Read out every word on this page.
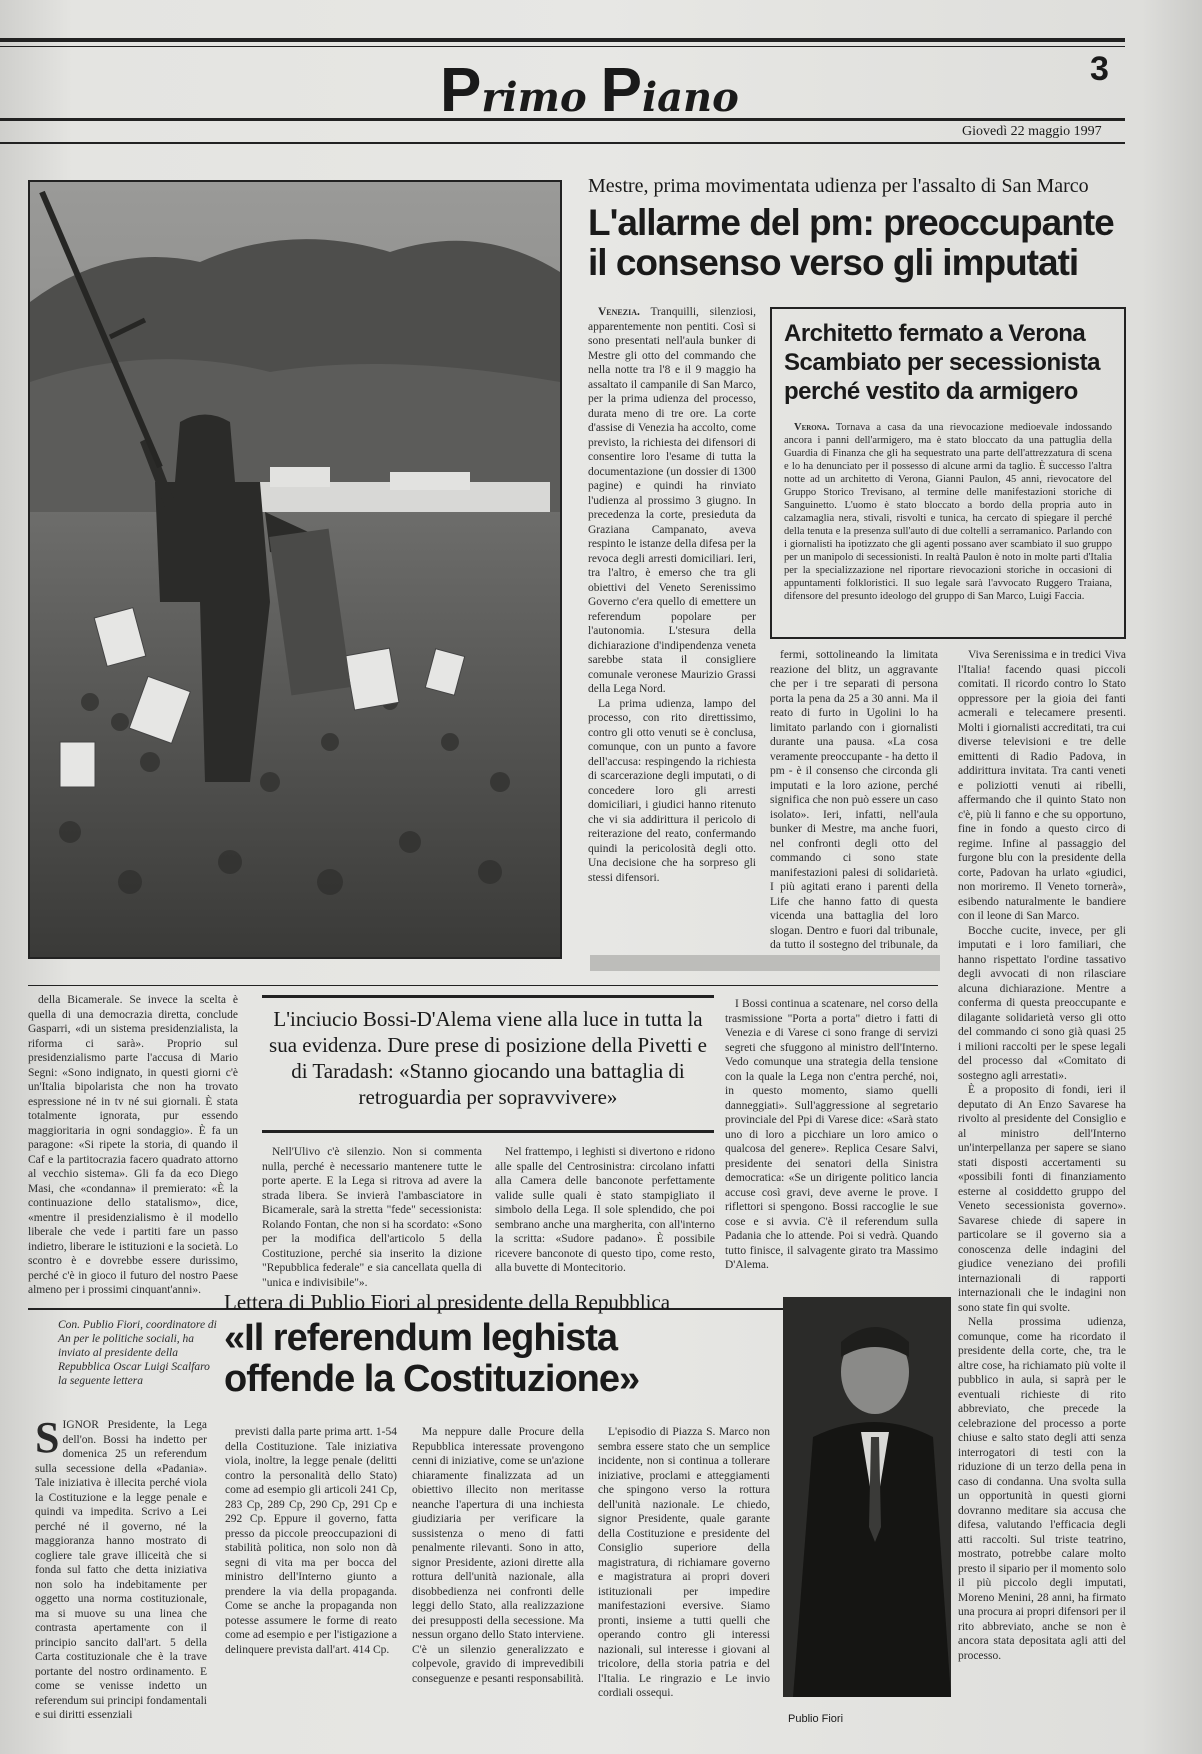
Primo Piano
3
Giovedì 22 maggio 1997
Mestre, prima movimentata udienza per l'assalto di San Marco
L'allarme del pm: preoccupante il consenso verso gli imputati

Venezia. Tranquilli, silenziosi, apparentemente non pentiti. Così si sono presentati nell'aula bunker di Mestre gli otto del commando che nella notte tra l'8 e il 9 maggio ha assaltato il campanile di San Marco, per la prima udienza del processo, durata meno di tre ore. La corte d'assise di Venezia ha accolto, come previsto, la richiesta dei difensori di consentire loro l'esame di tutta la documentazione (un dossier di 1300 pagine) e quindi ha rinviato l'udienza al prossimo 3 giugno. In precedenza la corte, presieduta da Graziana Campanato, aveva respinto le istanze della difesa per la revoca degli arresti domiciliari. Ieri, tra l'altro, è emerso che tra gli obiettivi del Veneto Serenissimo Governo c'era quello di emettere un referendum popolare per l'autonomia. L'stesura della dichiarazione d'indipendenza veneta sarebbe stata il consigliere comunale veronese Maurizio Grassi della Lega Nord.

La prima udienza, lampo del processo, con rito direttissimo, contro gli otto venuti se è conclusa, comunque, con un punto a favore dell'accusa: respingendo la richiesta di scarcerazione degli imputati, o di concedere loro gli arresti domiciliari, i giudici hanno ritenuto che vi sia addirittura il pericolo di reiterazione del reato, confermando quindi la pericolosità degli otto. Una decisione che ha sorpreso gli stessi difensori.

Architetto fermato a Verona Scambiato per secessionista perché vestito da armigero

Verona. Tornava a casa da una rievocazione medioevale indossando ancora i panni dell'armigero, ma è stato bloccato da una pattuglia della Guardia di Finanza che gli ha sequestrato una parte dell'attrezzatura di scena e lo ha denunciato per il possesso di alcune armi da taglio. È successo l'altra notte ad un architetto di Verona, Gianni Paulon, 45 anni, rievocatore del Gruppo Storico Trevisano, al termine delle manifestazioni storiche di Sanguinetto. L'uomo è stato bloccato a bordo della propria auto in calzamaglia nera, stivali, risvolti e tunica, ha cercato di spiegare il perché della tenuta e la presenza sull'auto di due coltelli a serramanico. Parlando con i giornalisti ha ipotizzato che gli agenti possano aver scambiato il suo gruppo per un manipolo di secessionisti. In realtà Paulon è noto in molte parti d'Italia per la specializzazione nel riportare rievocazioni storiche in occasioni di appuntamenti folkloristici. Il suo legale sarà l'avvocato Ruggero Traiana, difensore del presunto ideologo del gruppo di San Marco, Luigi Faccia.

fermi, sottolineando la limitata reazione del blitz, un aggravante che per i tre separati di persona porta la pena da 25 a 30 anni. Ma il reato di furto in Ugolini lo ha limitato parlando con i giornalisti durante una pausa. «La cosa veramente preoccupante - ha detto il pm - è il consenso che circonda gli imputati e la loro azione, perché significa che non può essere un caso isolato». Ieri, infatti, nell'aula bunker di Mestre, ma anche fuori, nel confronti degli otto del commando ci sono state manifestazioni palesi di solidarietà. I più agitati erano i parenti della Life che hanno fatto di questa vicenda una battaglia del loro slogan. Dentro e fuori dal tribunale, da tutto il sostegno del tribunale, da

Viva Serenissima e in tredici Viva l'Italia! facendo quasi piccoli comitati. Il ricordo contro lo Stato oppressore per la gioia dei fanti acmerali e telecamere presenti. Molti i giornalisti accreditati, tra cui diverse televisioni e tre delle emittenti di Radio Padova, in addirittura invitata. Tra canti veneti e poliziotti venuti ai ribelli, affermando che il quinto Stato non c'è, più li fanno e che su opportuno, fine in fondo a questo circo di regime. Infine al passaggio del furgone blu con la presidente della corte, Padovan ha urlato «giudici, non moriremo. Il Veneto tornerà», esibendo naturalmente le bandiere con il leone di San Marco.

Bocche cucite, invece, per gli imputati e i loro familiari, che hanno rispettato l'ordine tassativo degli avvocati di non rilasciare alcuna dichiarazione. Mentre a conferma di questa preoccupante e dilagante solidarietà verso gli otto del commando ci sono già quasi 25 i milioni raccolti per le spese legali del processo dal «Comitato di sostegno agli arrestati».

È a proposito di fondi, ieri il deputato di An Enzo Savarese ha rivolto al presidente del Consiglio e al ministro dell'Interno un'interpellanza per sapere se siano stati disposti accertamenti su «possibili fonti di finanziamento esterne al cosiddetto gruppo del Veneto secessionista governo». Savarese chiede di sapere in particolare se il governo sia a conoscenza delle indagini del giudice veneziano dei profili internazionali di rapporti internazionali che le indagini non sono state fin qui svolte.

Nella prossima udienza, comunque, come ha ricordato il presidente della corte, che, tra le altre cose, ha richiamato più volte il pubblico in aula, si saprà per le eventuali richieste di rito abbreviato, che precede la celebrazione del processo a porte chiuse e salto stato degli atti senza interrogatori di testi con la riduzione di un terzo della pena in caso di condanna. Una svolta sulla un opportunità in questi giorni dovranno meditare sia accusa che difesa, valutando l'efficacia degli atti raccolti. Sul triste teatrino, mostrato, potrebbe calare molto presto il sipario per il momento solo il più piccolo degli imputati, Moreno Menini, 28 anni, ha firmato una procura ai propri difensori per il rito abbreviato, anche se non è ancora stata depositata agli atti del processo.

della Bicamerale. Se invece la scelta è quella di una democrazia diretta, conclude Gasparri, «di un sistema presidenzialista, la riforma ci sarà». Proprio sul presidenzialismo parte l'accusa di Mario Segni: «Sono indignato, in questi giorni c'è un'Italia bipolarista che non ha trovato espressione né in tv né sui giornali. È stata totalmente ignorata, pur essendo maggioritaria in ogni sondaggio». È fa un paragone: «Si ripete la storia, di quando il Caf e la partitocrazia facero quadrato attorno al vecchio sistema». Gli fa da eco Diego Masi, che «condanna» il premierato: «È la continuazione dello statalismo», dice, «mentre il presidenzialismo è il modello liberale che vede i partiti fare un passo indietro, liberare le istituzioni e la società. Lo scontro è e dovrebbe essere durissimo, perché c'è in gioco il futuro del nostro Paese almeno per i prossimi cinquant'anni».

L'inciucio Bossi-D'Alema viene alla luce in tutta la sua evidenza. Dure prese di posizione della Pivetti e di Taradash: «Stanno giocando una battaglia di retroguardia per sopravvivere»

Nell'Ulivo c'è silenzio. Non si commenta nulla, perché è necessario mantenere tutte le porte aperte. E la Lega si ritrova ad avere la strada libera. Se invierà l'ambasciatore in Bicamerale, sarà la stretta "fede" secessionista: Rolando Fontan, che non si ha scordato: «Sono per la modifica dell'articolo 5 della Costituzione, perché sia inserito la dizione "Repubblica federale" e sia cancellata quella di "unica e indivisibile"».

Nel frattempo, i leghisti si divertono e ridono alle spalle del Centrosinistra: circolano infatti alla Camera delle banconote perfettamente valide sulle quali è stato stampigliato il simbolo della Lega. Il sole splendido, che poi sembrano anche una margherita, con all'interno la scritta: «Sudore padano». È possibile ricevere banconote di questo tipo, come resto, alla buvette di Montecitorio.

I Bossi continua a scatenare, nel corso della trasmissione "Porta a porta" dietro i fatti di Venezia e di Varese ci sono frange di servizi segreti che sfuggono al ministro dell'Interno. Vedo comunque una strategia della tensione con la quale la Lega non c'entra perché, noi, in questo momento, siamo quelli danneggiati». Sull'aggressione al segretario provinciale del Ppi di Varese dice: «Sarà stato uno di loro a picchiare un loro amico o qualcosa del genere». Replica Cesare Salvi, presidente dei senatori della Sinistra democratica: «Se un dirigente politico lancia accuse così gravi, deve averne le prove. I riflettori si spengono. Bossi raccoglie le sue cose e si avvia. C'è il referendum sulla Padania che lo attende. Poi si vedrà. Quando tutto finisce, il salvagente girato tra Massimo D'Alema.

Con. Publio Fiori, coordinatore di An per le politiche sociali, ha inviato al presidente della Repubblica Oscar Luigi Scalfaro la seguente lettera

Lettera di Publio Fiori al presidente della Repubblica
«Il referendum leghista offende la Costituzione»

SIGNOR Presidente, la Lega dell'on. Bossi ha indetto per domenica 25 un referendum sulla secessione della «Padania». Tale iniziativa è illecita perché viola la Costituzione e la legge penale e quindi va impedita. Scrivo a Lei perché né il governo, né la maggioranza hanno mostrato di cogliere tale grave illiceità che si fonda sul fatto che detta iniziativa non solo ha indebitamente per oggetto una norma costituzionale, ma si muove su una linea che contrasta apertamente con il principio sancito dall'art. 5 della Carta costituzionale che è la trave portante del nostro ordinamento. E come se venisse indetto un referendum sui principi fondamentali e sui diritti essenziali

previsti dalla parte prima artt. 1-54 della Costituzione. Tale iniziativa viola, inoltre, la legge penale (delitti contro la personalità dello Stato) come ad esempio gli articoli 241 Cp, 283 Cp, 289 Cp, 290 Cp, 291 Cp e 292 Cp. Eppure il governo, fatta presso da piccole preoccupazioni di stabilità politica, non solo non dà segni di vita ma per bocca del ministro dell'Interno giunto a prendere la via della propaganda. Come se anche la propaganda non potesse assumere le forme di reato come ad esempio e per l'istigazione a delinquere prevista dall'art. 414 Cp.

Ma neppure dalle Procure della Repubblica interessate provengono cenni di iniziative, come se un'azione chiaramente finalizzata ad un obiettivo illecito non meritasse neanche l'apertura di una inchiesta giudiziaria per verificare la sussistenza o meno di fatti penalmente rilevanti. Sono in atto, signor Presidente, azioni dirette alla rottura dell'unità nazionale, alla disobbedienza nei confronti delle leggi dello Stato, alla realizzazione dei presupposti della secessione. Ma nessun organo dello Stato interviene. C'è un silenzio generalizzato e colpevole, gravido di imprevedibili conseguenze e pesanti responsabilità.

L'episodio di Piazza S. Marco non sembra essere stato che un semplice incidente, non si continua a tollerare iniziative, proclami e atteggiamenti che spingono verso la rottura dell'unità nazionale. Le chiedo, signor Presidente, quale garante della Costituzione e presidente del Consiglio superiore della magistratura, di richiamare governo e magistratura ai propri doveri istituzionali per impedire manifestazioni eversive. Siamo pronti, insieme a tutti quelli che operando contro gli interessi nazionali, sul interesse i giovani al tricolore, della storia patria e del l'Italia. Le ringrazio e Le invio cordiali ossequi.

Publio Fiori
